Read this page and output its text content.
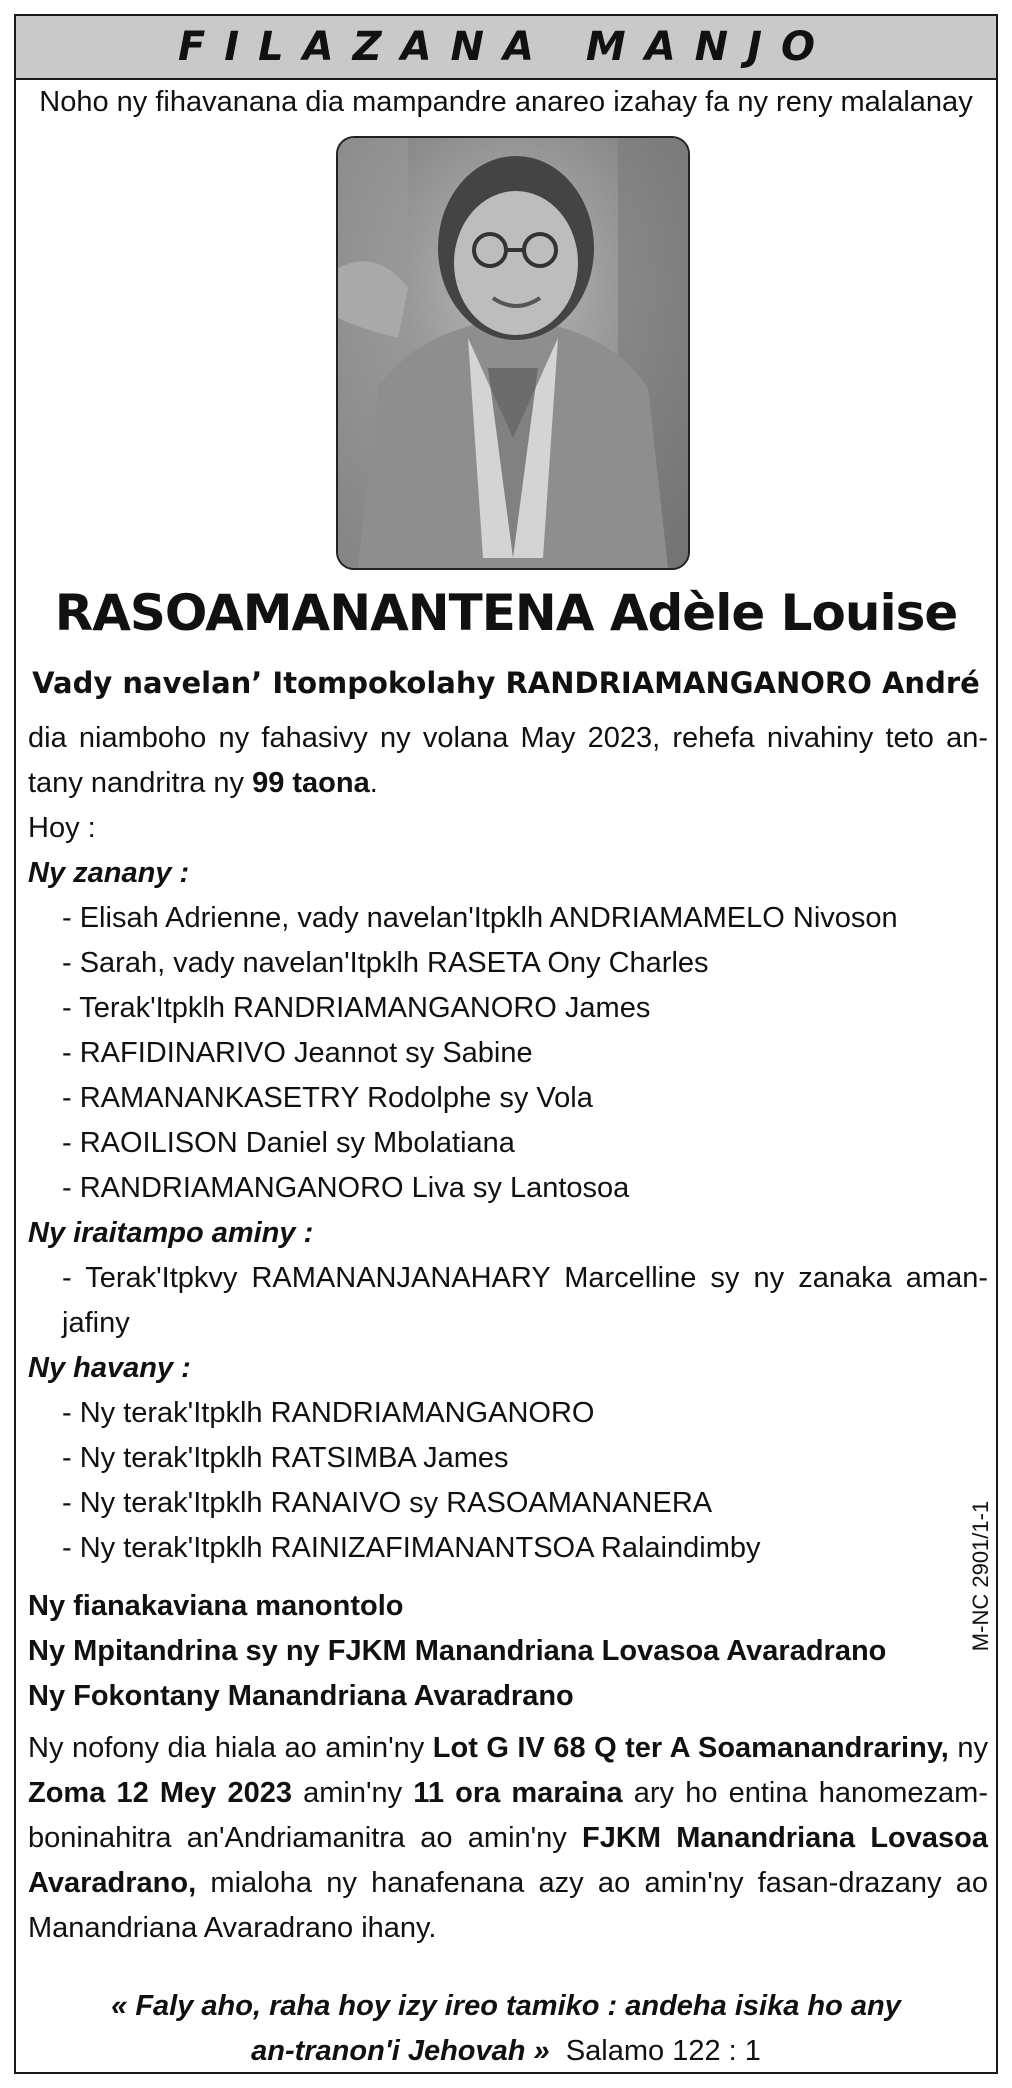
FILAZANA MANJO
Noho ny fihavanana dia mampandre anareo izahay fa ny reny malalanay
RASOAMANANTENA Adèle Louise
Vady navelan’ Itompokolahy RANDRIAMANGANORO André
dia niamboho ny fahasivy ny volana May 2023, rehefa nivahiny teto an-tany nandritra ny 99 taona.
Hoy :
Ny zanany :
- Elisah Adrienne, vady navelan'Itpklh ANDRIAMAMELO Nivoson
- Sarah, vady navelan'Itpklh RASETA Ony Charles
- Terak'Itpklh RANDRIAMANGANORO James
- RAFIDINARIVO Jeannot sy Sabine
- RAMANANKASETRY Rodolphe sy Vola
- RAOILISON Daniel sy Mbolatiana
- RANDRIAMANGANORO Liva sy Lantosoa
Ny iraitampo aminy :
- Terak'Itpkvy RAMANANJANAHARY Marcelline sy ny zanaka aman-jafiny
Ny havany :
- Ny terak'Itpklh RANDRIAMANGANORO
- Ny terak'Itpklh RATSIMBA James
- Ny terak'Itpklh RANAIVO sy RASOAMANANERA
- Ny terak'Itpklh RAINIZAFIMANANTSOA Ralaindimby	M-NC 2901/1-1
Ny fianakaviana manontolo
Ny Mpitandrina sy ny FJKM Manandriana Lovasoa Avaradrano
Ny Fokontany Manandriana Avaradrano
Ny nofony dia hiala ao amin'ny Lot G IV 68 Q ter A Soamanandrariny, ny Zoma 12 Mey 2023 amin'ny 11 ora maraina ary ho entina hanomezam-boninahitra an'Andriamanitra ao amin'ny FJKM Manandriana Lovasoa Avaradrano, mialoha ny hanafenana azy ao amin'ny fasan-drazany ao Manandriana Avaradrano ihany.
« Faly aho, raha hoy izy ireo tamiko : andeha isika ho any
an-tranon'i Jehovah » Salamo 122 : 1
